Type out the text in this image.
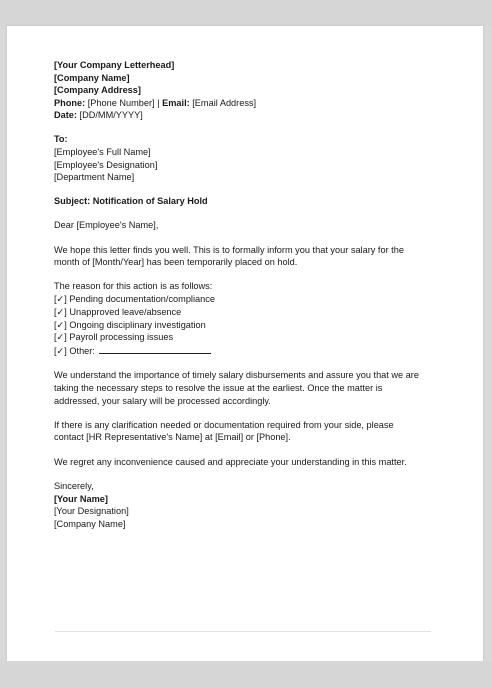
[Your Company Letterhead]
[Company Name]
[Company Address]
Phone: [Phone Number] | Email: [Email Address]
Date: [DD/MM/YYYY]
To:
[Employee's Full Name]
[Employee's Designation]
[Department Name]
Subject: Notification of Salary Hold
Dear [Employee's Name],
We hope this letter finds you well. This is to formally inform you that your salary for the
month of [Month/Year] has been temporarily placed on hold.
The reason for this action is as follows:
[✓] Pending documentation/compliance
[✓] Unapproved leave/absence
[✓] Ongoing disciplinary investigation
[✓] Payroll processing issues
[✓] Other:
We understand the importance of timely salary disbursements and assure you that we are
taking the necessary steps to resolve the issue at the earliest. Once the matter is
addressed, your salary will be processed accordingly.
If there is any clarification needed or documentation required from your side, please
contact [HR Representative's Name] at [Email] or [Phone].
We regret any inconvenience caused and appreciate your understanding in this matter.
Sincerely,
[Your Name]
[Your Designation]
[Company Name]
